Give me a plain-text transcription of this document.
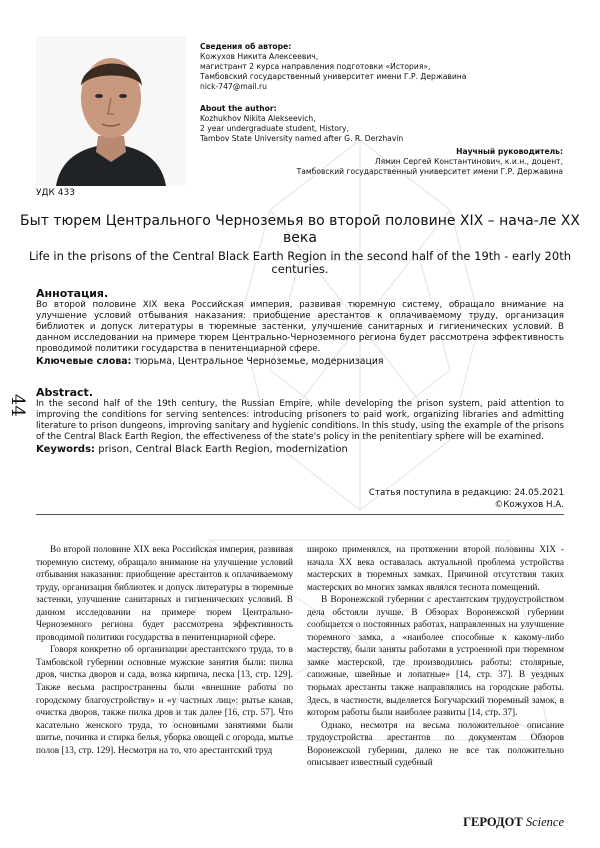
УДК 433
Сведения об авторе:
Кожухов Никита Алексеевич,
магистрант 2 курса направления подготовки «История»,
Тамбовский государственный университет имени Г.Р. Державина
nick-747@mail.ru
About the author:
Kozhukhov Nikita Alekseevich,
2 year undergraduate student, History,
Tambov State University named after G. R. Derzhavin
Научный руководитель:
Лямин Сергей Константинович, к.и.н., доцент,
Тамбовский государственный университет имени Г.Р. Державина
Быт тюрем Центрального Черноземья во второй половине XIX – нача-ле XX века
Life in the prisons of the Central Black Earth Region in the second half of the 19th - early 20th centuries.
Аннотация.
Во второй половине XIX века Российская империя, развивая тюремную систему, обращало внимание на улучшение условий отбывания наказания: приобщение арестантов к оплачиваемому труду, организация библиотек и допуск литературы в тюремные застенки, улучшение санитарных и гигиенических условий. В данном исследовании на примере тюрем Центрально-Черноземного региона будет рассмотрена эффективность проводимой политики государства в пенитенциарной сфере.
Ключевые слова: тюрьма, Центральное Черноземье, модернизация
44
Abstract.
In the second half of the 19th century, the Russian Empire, while developing the prison system, paid attention to improving the conditions for serving sentences: introducing prisoners to paid work, organizing libraries and admitting literature to prison dungeons, improving sanitary and hygienic conditions. In this study, using the example of the prisons of the Central Black Earth Region, the effectiveness of the state's policy in the penitentiary sphere will be examined.
Keywords: prison, Central Black Earth Region, modernization
Статья поступила в редакцию: 24.05.2021
©Кожухов Н.А.

Во второй половине XIX века Российская империя, развивая тюремную систему, обращало внимание на улучшение условий отбывания наказания: приобщение арестантов к оплачиваемому труду, организация библиотек и допуск литературы в тюремные застенки, улучшение санитарных и гигиенических условий. В данном исследовании на примере тюрем Центрально-Черноземного региона будет рассмотрена эффективность проводимой политики государства в пенитенциарной сфере.

Говоря конкретно об организации арестантского труда, то в Тамбовской губернии основные мужские занятия были: пилка дров, чистка дворов и сада, возка кирпича, песка [13, стр. 129]. Также весьма распространены были «внешние работы по городскому благоустройству» и «у частных лиц»: рытье канав, очистка дворов, также пилка дров и так далее [16, стр. 57]. Что касательно женского труда, то основными занятиями были шитье, починка и стирка белья, уборка овощей с огорода, мытье полов [13, стр. 129]. Несмотря на то, что арестантский труд

широко применялся, на протяжении второй половины XIX - начала XX века оставалась актуальной проблема устройства мастерских в тюремных замках. Причиной отсутствия таких мастерских во многих замках являлся теснота помещений.

В Воронежской губернии с арестантским трудоустройством дела обстояли лучше. В Обзорах Воронежской губернии сообщается о постоянных работах, направленных на улучшение тюремного замка, а «наиболее способные к какому-либо мастерству, были заняты работами в устроенной при тюремном замке мастерской, где производились работы: столярные, сапожные, швейные и лопатные» [14, стр. 37]. В уездных тюрьмах арестанты также направлялись на городские работы. Здесь, в частности, выделяется Богучарский тюремный замок, в котором работы были наиболее развиты [14, стр. 37].

Однако, несмотря на весьма положительное описание трудоустройства арестантов по документам Обзоров Воронежской губернии, далеко не все так положительно описывает известный судебный

ГЕРОДОТ Science
